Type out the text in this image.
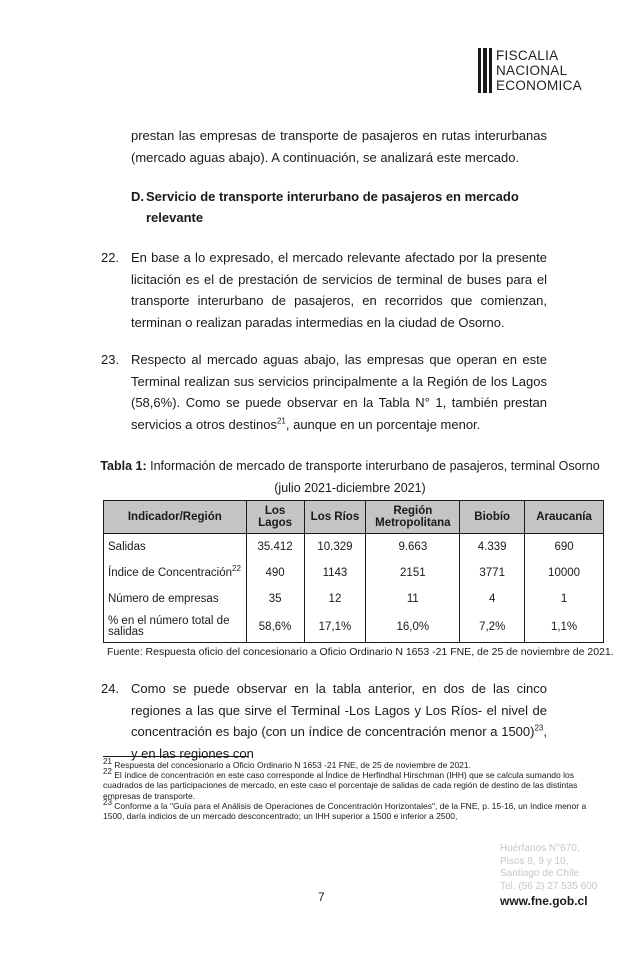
FISCALIA
NACIONAL
ECONOMICA
prestan las empresas de transporte de pasajeros en rutas interurbanas (mercado aguas abajo). A continuación, se analizará este mercado.
D. Servicio de transporte interurbano de pasajeros en mercado relevante
22. En base a lo expresado, el mercado relevante afectado por la presente licitación es el de prestación de servicios de terminal de buses para el transporte interurbano de pasajeros, en recorridos que comienzan, terminan o realizan paradas intermedias en la ciudad de Osorno.
23. Respecto al mercado aguas abajo, las empresas que operan en este Terminal realizan sus servicios principalmente a la Región de los Lagos (58,6%). Como se puede observar en la Tabla N° 1, también prestan servicios a otros destinos$^{21}$, aunque en un porcentaje menor.
Tabla 1: Información de mercado de transporte interurbano de pasajeros, terminal Osorno (julio 2021-diciembre 2021)
Indicador/Región	Los Lagos	Los Ríos	Región Metropolitana	Biobío	Araucanía
Salidas	35.412	10.329	9.663	4.339	690
Índice de Concentración$^{22}$	490	1143	2151	3771	10000
Número de empresas	35	12	11	4	1
% en el número total de salidas	58,6%	17,1%	16,0%	7,2%	1,1%
Fuente: Respuesta oficio del concesionario a Oficio Ordinario N 1653 -21 FNE, de 25 de noviembre de 2021.
24. Como se puede observar en la tabla anterior, en dos de las cinco regiones a las que sirve el Terminal -Los Lagos y Los Ríos- el nivel de concentración es bajo (con un índice de concentración menor a 1500)$^{23}$, y en las regiones con

$^{21}$ Respuesta del concesionario a Oficio Ordinario N 1653 -21 FNE, de 25 de noviembre de 2021.

$^{22}$ El índice de concentración en este caso corresponde al Índice de Herfindhal Hirschman (IHH) que se calcula sumando los cuadrados de las participaciones de mercado, en este caso el porcentaje de salidas de cada región de destino de las distintas empresas de transporte.

$^{23}$ Conforme a la "Guía para el Análisis de Operaciones de Concentración Horizontales", de la FNE, p. 15-16, un índice menor a 1500, daría indicios de un mercado desconcentrado; un IHH superior a 1500 e inferior a 2500,

Huérfanos N°670,
Pisos 8, 9 y 10,
Santiago de Chile
Tel. (56 2) 27 535 600
7	www.fne.gob.cl
